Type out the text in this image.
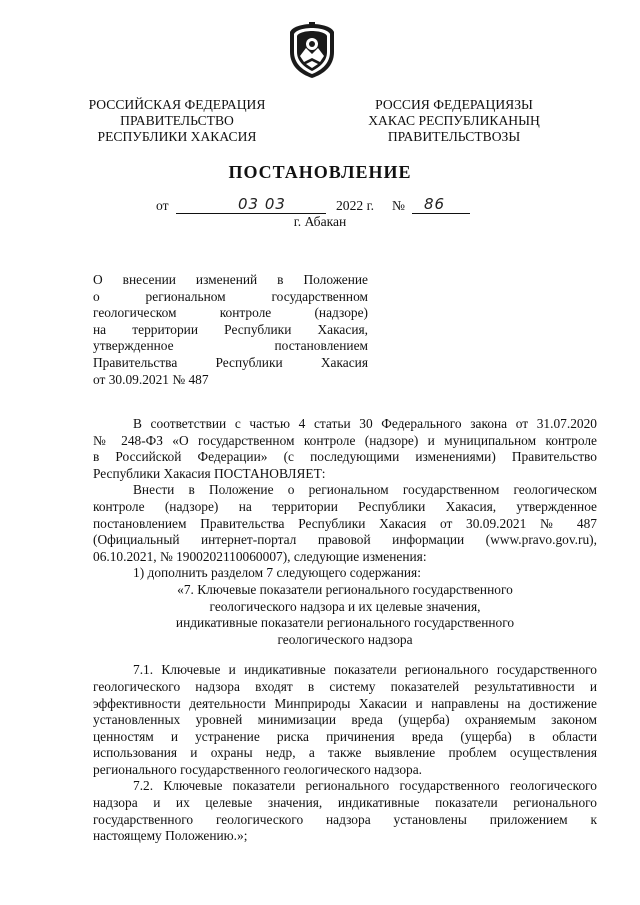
РОССИЙСКАЯ ФЕДЕРАЦИЯ
ПРАВИТЕЛЬСТВО
РЕСПУБЛИКИ ХАКАСИЯ
РОССИЯ ФЕДЕРАЦИЯЗЫ
ХАКАС РЕСПУБЛИКАНЫҢ
ПРАВИТЕЛЬСТВОЗЫ
ПОСТАНОВЛЕНИЕ
от	03 03	2022 г. № 86
г. Абакан
О внесении изменений в Положение
о региональном государственном
геологическом контроле (надзоре)
на территории Республики Хакасия,
утвержденное постановлением
Правительства Республики Хакасия
от 30.09.2021 № 487
В соответствии с частью 4 статьи 30 Федерального закона от 31.07.2020
№ 248-ФЗ «О государственном контроле (надзоре) и муниципальном контроле
в Российской Федерации» (с последующими изменениями) Правительство
Республики Хакасия ПОСТАНОВЛЯЕТ:
Внести в Положение о региональном государственном геологическом
контроле (надзоре) на территории Республики Хакасия, утвержденное
постановлением Правительства Республики Хакасия от 30.09.2021 № 487
(Официальный интернет-портал правовой информации (www.pravo.gov.ru),
06.10.2021, № 1900202110060007), следующие изменения:
1) дополнить разделом 7 следующего содержания:
«7. Ключевые показатели регионального государственного
геологического надзора и их целевые значения,
индикативные показатели регионального государственного
геологического надзора
7.1. Ключевые и индикативные показатели регионального государственного
геологического надзора входят в систему показателей результативности и
эффективности деятельности Минприроды Хакасии и направлены на достижение
установленных уровней минимизации вреда (ущерба) охраняемым законом
ценностям и устранение риска причинения вреда (ущерба) в области
использования и охраны недр, а также выявление проблем осуществления
регионального государственного геологического надзора.
7.2. Ключевые показатели регионального государственного геологического
надзора и их целевые значения, индикативные показатели регионального
государственного геологического надзора установлены приложением к
настоящему Положению.»;
